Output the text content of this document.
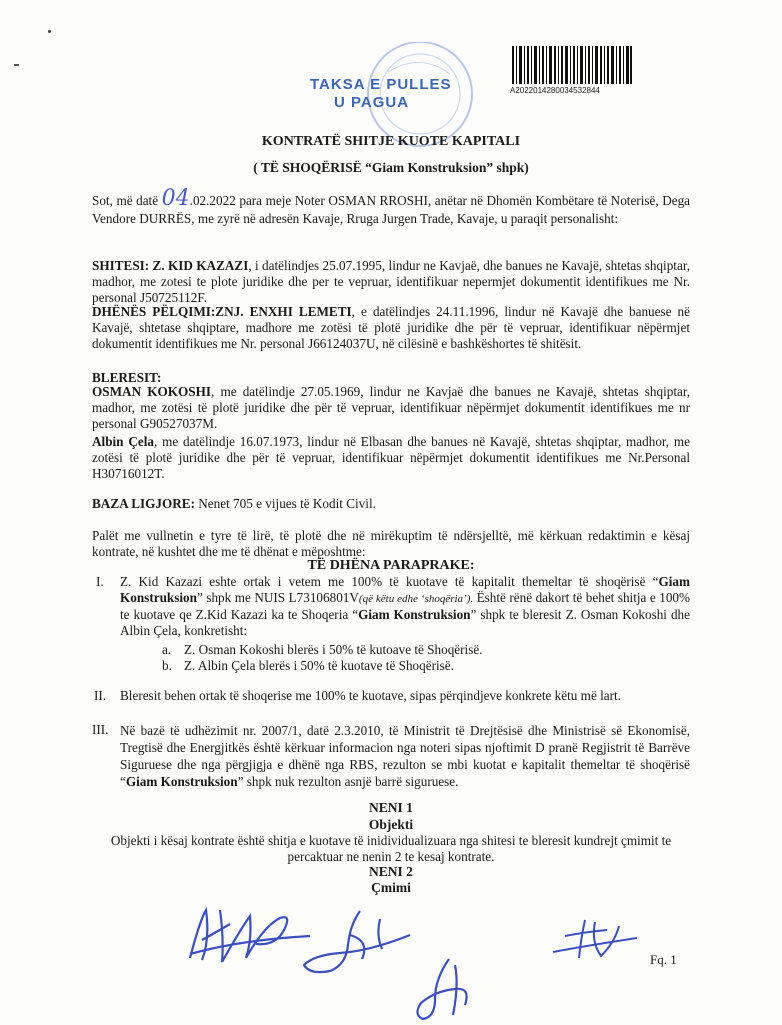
TAKSA E PULLES
U PAGUA
A2022014280034532844
KONTRATË SHITJE KUOTE KAPITALI
( TË SHOQËRISË “Giam Konstruksion” shpk)
Sot, më datë 04.02.2022 para meje Noter OSMAN RROSHI, anëtar në Dhomën Kombëtare të Noterisë, Dega Vendore DURRËS, me zyrë në adresën Kavaje, Rruga Jurgen Trade, Kavaje, u paraqit personalisht:
SHITESI: Z. KID KAZAZI, i datëlindjes 25.07.1995, lindur ne Kavjaë, dhe banues ne Kavajë, shtetas shqiptar, madhor, me zotesi te plote juridike dhe per te vepruar, identifikuar nepermjet dokumentit identifikues me Nr. personal J50725112F.
DHËNËS PËLQIMI:ZNJ. ENXHI LEMETI, e datëlindjes 24.11.1996, lindur në Kavajë dhe banuese në Kavajë, shtetase shqiptare, madhore me zotësi të plotë juridike dhe për të vepruar, identifikuar nëpërmjet dokumentit identifikues me Nr. personal J66124037U, në cilësinë e bashkëshortes të shitësit.
BLERESIT:
OSMAN KOKOSHI, me datëlindje 27.05.1969, lindur ne Kavjaë dhe banues ne Kavajë, shtetas shqiptar, madhor, me zotësi të plotë juridike dhe për të vepruar, identifikuar nëpërmjet dokumentit identifikues me nr personal G90527037M.
Albin Çela, me datëlindje 16.07.1973, lindur në Elbasan dhe banues në Kavajë, shtetas shqiptar, madhor, me zotësi të plotë juridike dhe për të vepruar, identifikuar nëpërmjet dokumentit identifikues me Nr.Personal H30716012T.
BAZA LIGJORE: Nenet 705 e vijues të Kodit Civil.
Palët me vullnetin e tyre të lirë, të plotë dhe në mirëkuptim të ndërsjelltë, më kërkuan redaktimin e kësaj kontrate, në kushtet dhe me të dhënat e mëposhtme:
TË DHËNA PARAPRAKE:
I.	Z. Kid Kazazi eshte ortak i vetem me 100% të kuotave të kapitalit themeltar të shoqërisë “Giam Konstruksion” shpk me NUIS L73106801V(që këtu edhe ‘shoqëria’). Është rënë dakort të behet shitja e 100% te kuotave qe Z.Kid Kazazi ka te Shoqeria “Giam Konstruksion” shpk te bleresit Z. Osman Kokoshi dhe Albin Çela, konkretisht:
a. Z. Osman Kokoshi blerës i 50% të kutoave të Shoqërisë.
b. Z. Albin Çela blerës i 50% të kuotave të Shoqërisë.
II.	Bleresit behen ortak të shoqerise me 100% te kuotave, sipas përqindjeve konkrete këtu më lart.
III. Në bazë të udhëzimit nr. 2007/1, datë 2.3.2010, të Ministrit të Drejtësisë dhe Ministrisë së Ekonomisë, Tregtisë dhe Energjitkës është kërkuar informacion nga noteri sipas njoftimit D pranë Regjistrit të Barrëve Siguruese dhe nga përgjigja e dhënë nga RBS, rezulton se mbi kuotat e kapitalit themeltar të shoqërisë “Giam Konstruksion” shpk nuk rezulton asnjë barrë siguruese.
NENI 1
Objekti
Objekti i kësaj kontrate është shitja e kuotave të inidividualizuara nga shitesi te bleresit kundrejt çmimit te percaktuar ne nenin 2 te kesaj kontrate.
NENI 2
Çmimi
Fq. 1
